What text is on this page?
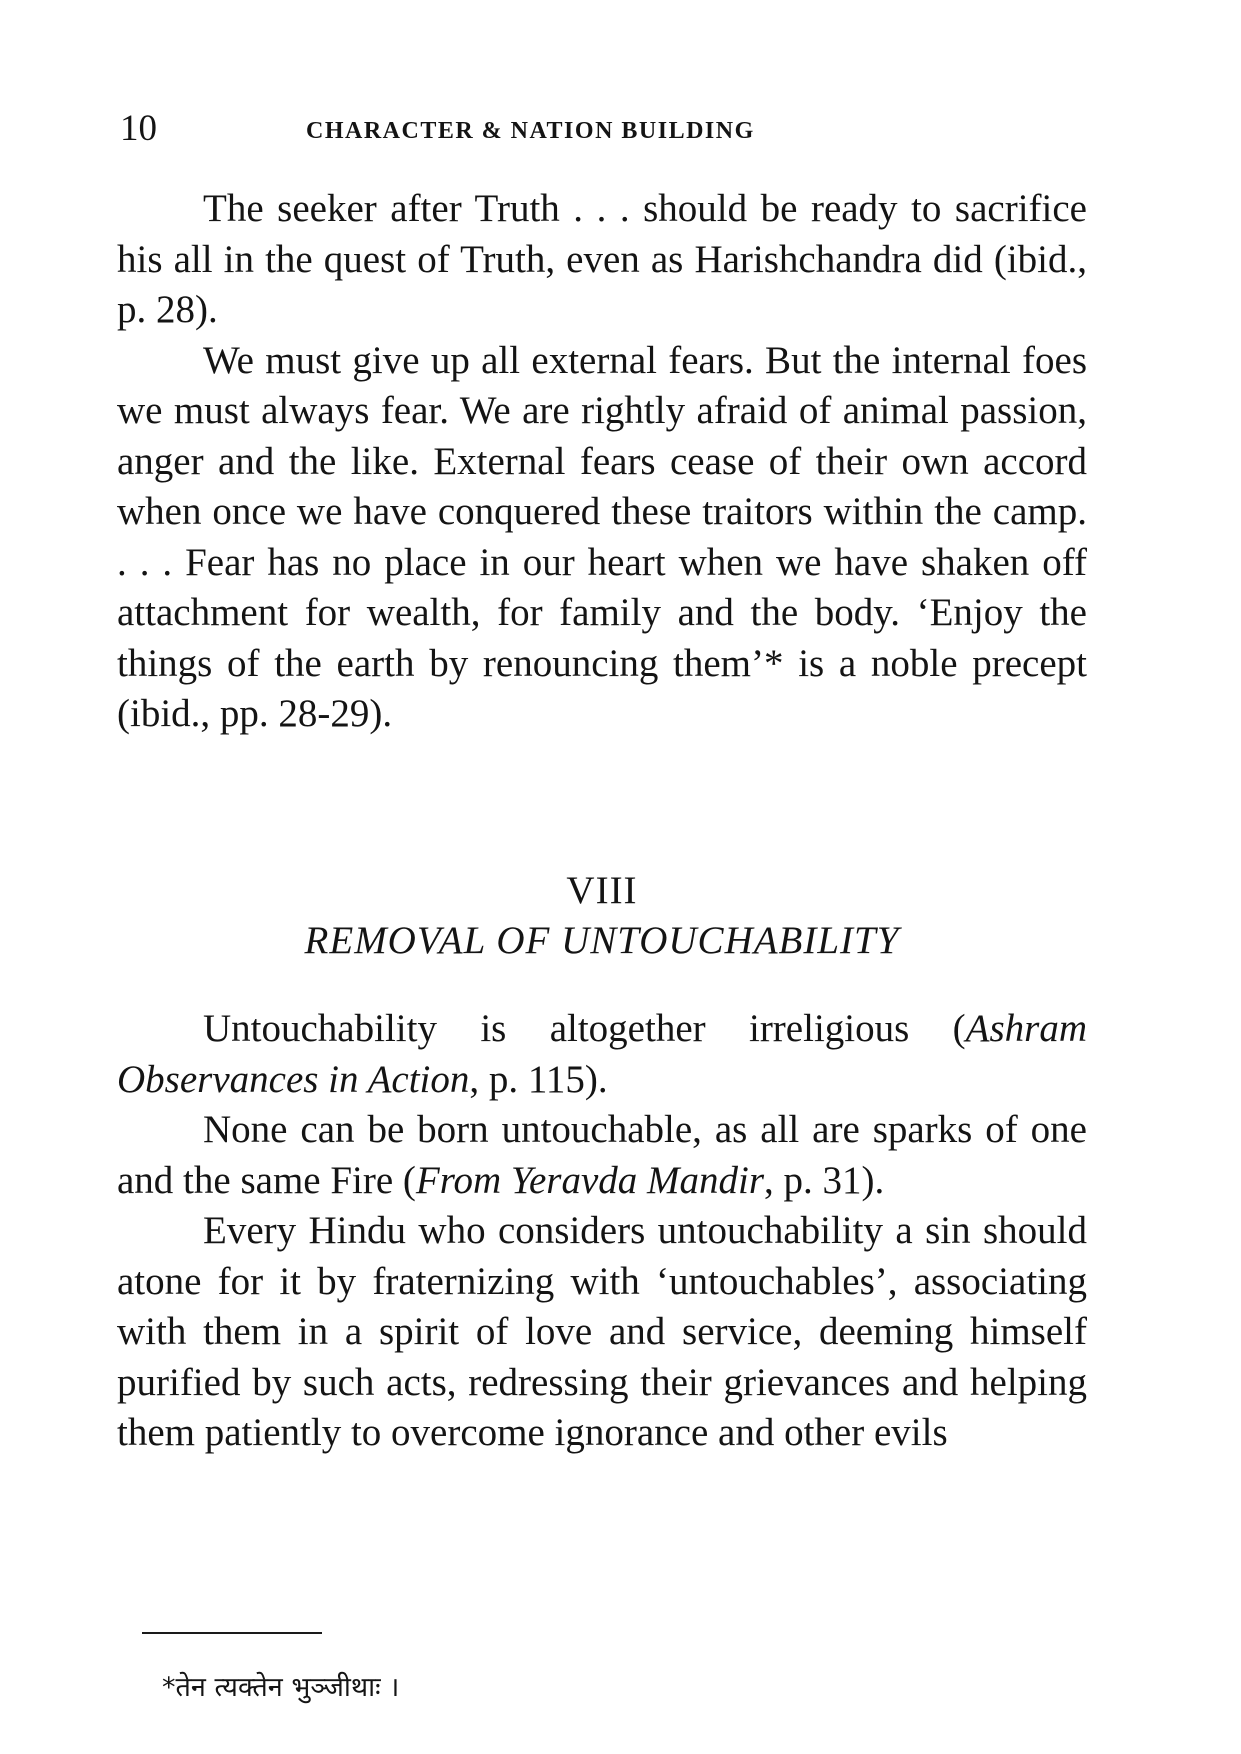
10	CHARACTER & NATION BUILDING

The seeker after Truth . . . should be ready to sacrifice his all in the quest of Truth, even as Harishchandra did (ibid., p. 28).

We must give up all external fears. But the internal foes we must always fear. We are rightly afraid of animal passion, anger and the like. External fears cease of their own accord when once we have conquered these traitors within the camp. . . . Fear has no place in our heart when we have shaken off attachment for wealth, for family and the body. ‘Enjoy the things of the earth by renouncing them’* is a noble precept (ibid., pp. 28-29).

VIII
REMOVAL OF UNTOUCHABILITY

Untouchability is altogether irreligious (Ashram Observances in Action, p. 115).

None can be born untouchable, as all are sparks of one and the same Fire (From Yeravda Mandir, p. 31).

Every Hindu who considers untouchability a sin should atone for it by fraternizing with ‘untouchables’, associating with them in a spirit of love and service, deeming himself purified by such acts, redressing their grievances and helping them patiently to overcome ignorance and other evils

*तेन त्यक्तेन भुञ्जीथाः ।
